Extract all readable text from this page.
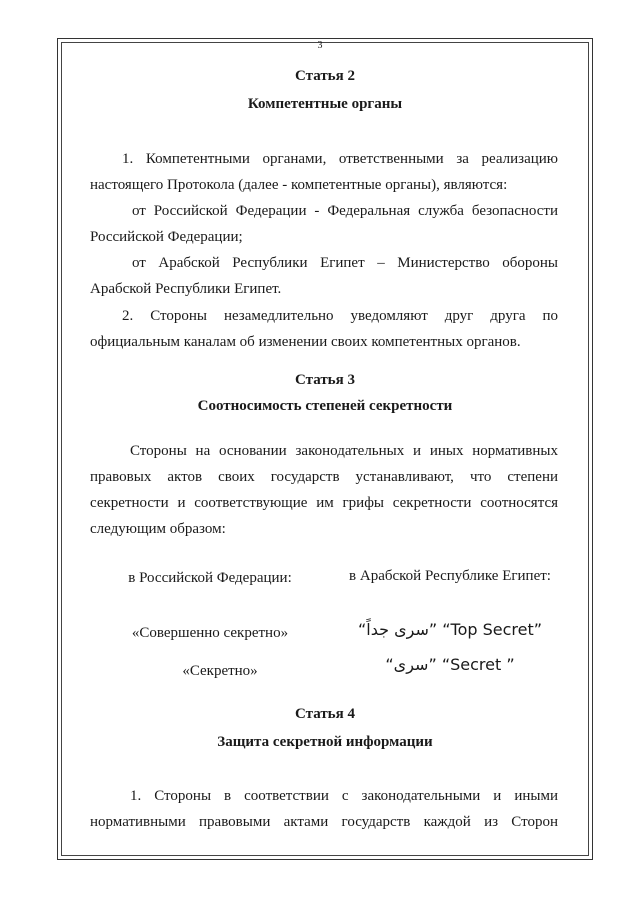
3
Статья 2
Компетентные органы
1. Компетентными органами, ответственными за реализацию
настоящего Протокола (далее - компетентные органы), являются:
от Российской Федерации - Федеральная служба безопасности
Российской Федерации;
от Арабской Республики Египет – Министерство обороны
Арабской Республики Египет.
2. Стороны незамедлительно уведомляют друг друга по
официальным каналам об изменении своих компетентных органов.
Статья 3
Соотносимость степеней секретности
Стороны на основании законодательных и иных нормативных
правовых актов своих государств устанавливают, что степени
секретности и соответствующие им грифы секретности соотносятся
следующим образом:
в Российской Федерации:	в Арабской Республике Египет:
«Совершенно секретно»	“سرى جداً” “Top Secret”
«Секретно»	“سرى” “Secret ”
Статья 4
Защита секретной информации
1. Стороны в соответствии с законодательными и иными
нормативными правовыми актами государств каждой из Сторон
